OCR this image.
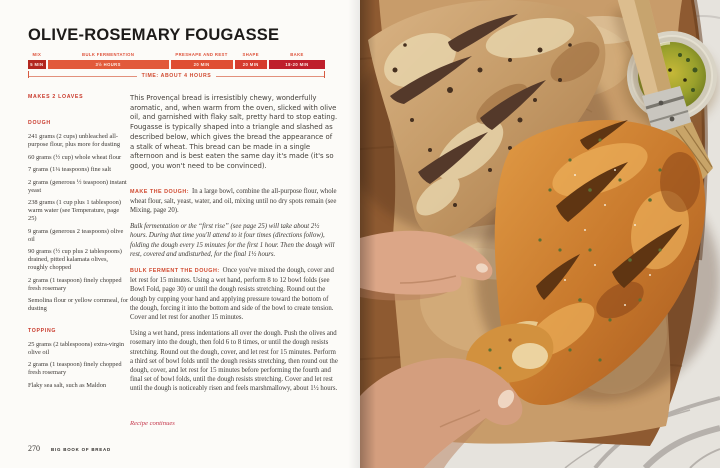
OLIVE-ROSEMARY FOUGASSE
MIX
5 MIN
BULK FERMENTATION
3½ HOURS
PRESHAPE AND REST
20 MIN
SHAPE
20 MIN
BAKE
18-20 MIN
TIME: ABOUT 4 HOURS
MAKES 2 LOAVES
DOUGH

241 grams (2 cups) unbleached all-purpose flour, plus more for dusting

60 grams (½ cup) whole wheat flour

7 grams (1¼ teaspoons) fine salt

2 grams (generous ½ teaspoon) instant yeast

238 grams (1 cup plus 1 tablespoon) warm water (see Temperature, page 25)

9 grams (generous 2 teaspoons) olive oil

90 grams (½ cup plus 2 tablespoons) drained, pitted kalamata olives, roughly chopped

2 grams (1 teaspoon) finely chopped fresh rosemary

Semolina flour or yellow cornmeal, for dusting

TOPPING

25 grams (2 tablespoons) extra-virgin olive oil

2 grams (1 teaspoon) finely chopped fresh rosemary

Flaky sea salt, such as Maldon

This Provençal bread is irresistibly chewy, wonderfully aromatic, and, when warm from the oven, slicked with olive oil, and garnished with flaky salt, pretty hard to stop eating. Fougasse is typically shaped into a triangle and slashed as described below, which gives the bread the appearance of a stalk of wheat. This bread can be made in a single afternoon and is best eaten the same day it's made (it's so good, you won't need to be convinced).

MAKE THE DOUGH: In a large bowl, combine the all-purpose flour, whole wheat flour, salt, yeast, water, and oil, mixing until no dry spots remain (see Mixing, page 20).

Bulk fermentation or the “first rise” (see page 25) will take about 2½ hours. During that time you'll attend to it four times (directions follow), folding the dough every 15 minutes for the first 1 hour. Then the dough will rest, covered and undisturbed, for the final 1½ hours.

BULK FERMENT THE DOUGH: Once you've mixed the dough, cover and let rest for 15 minutes. Using a wet hand, perform 8 to 12 bowl folds (see Bowl Fold, page 30) or until the dough resists stretching. Round out the dough by cupping your hand and applying pressure toward the bottom of the dough, forcing it into the bottom and side of the bowl to create tension. Cover and let rest for another 15 minutes.

Using a wet hand, press indentations all over the dough. Push the olives and rosemary into the dough, then fold 6 to 8 times, or until the dough resists stretching. Round out the dough, cover, and let rest for 15 minutes. Perform a third set of bowl folds until the dough resists stretching, then round out the dough, cover, and let rest for 15 minutes before performing the fourth and final set of bowl folds, until the dough resists stretching. Cover and let rest until the dough is noticeably risen and feels marshmallowy, about 1½ hours.

Recipe continues
270	BIG BOOK OF BREAD
